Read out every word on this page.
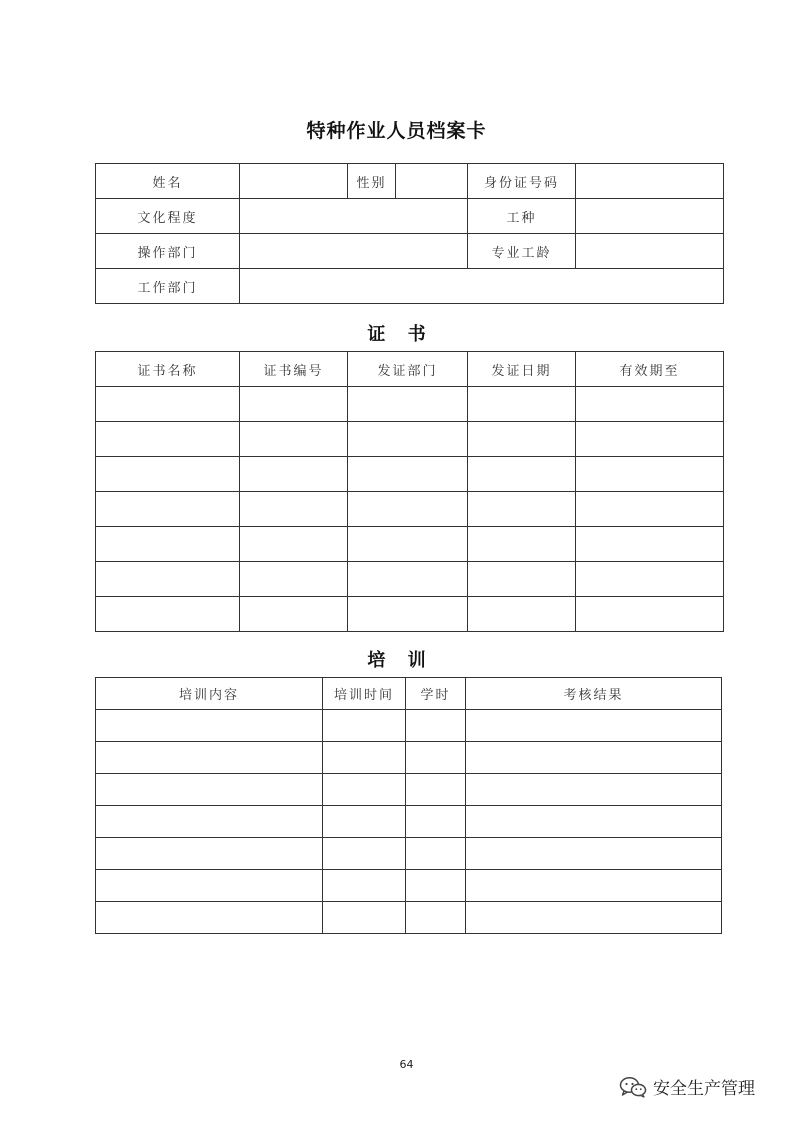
特种作业人员档案卡
姓名		性别		身份证号码	
文化程度				工种	
操作部门				专业工龄	
工作部门					
证 书
证书名称	证书编号	发证部门	发证日期	有效期至

培 训
培训内容	培训时间	学时	考核结果

64
安全生产管理
